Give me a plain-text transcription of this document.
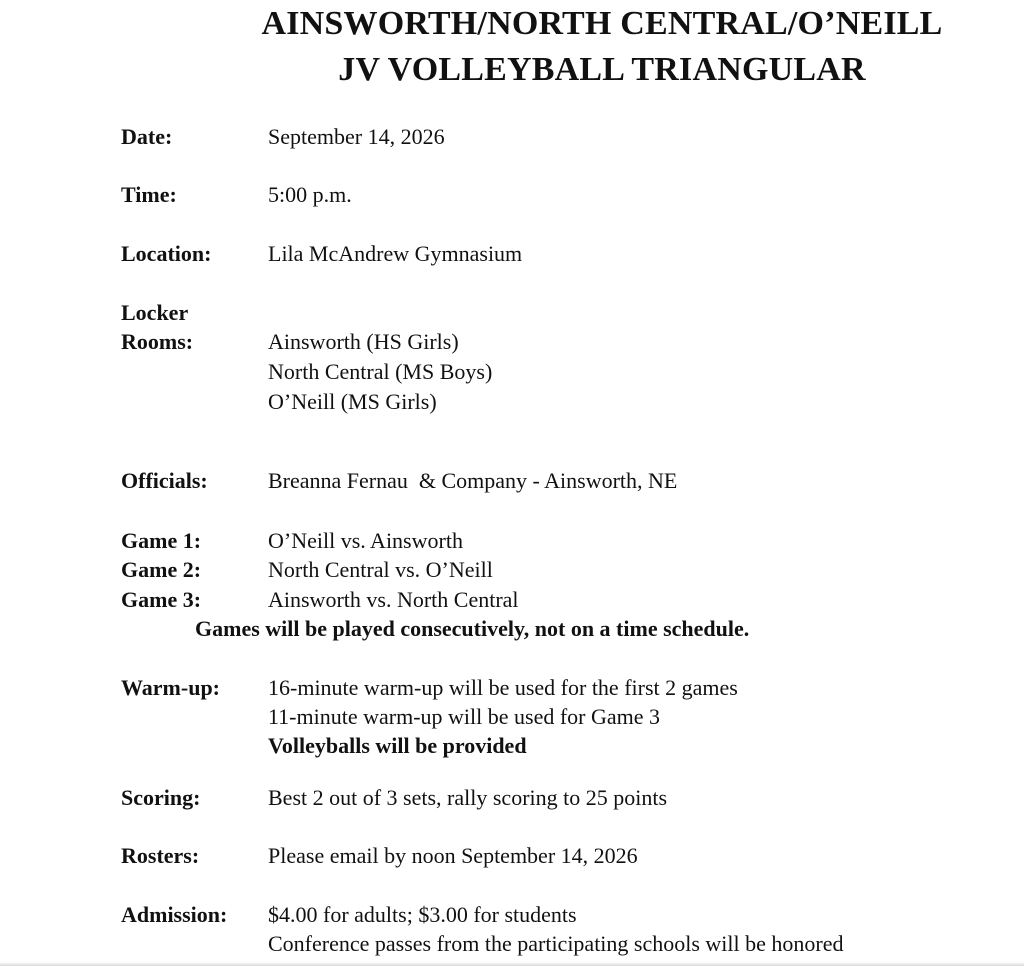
AINSWORTH/NORTH CENTRAL/O’NEILL
JV VOLLEYBALL TRIANGULAR
Date:	September 14, 2026
Time:	5:00 p.m.
Location:	Lila McAndrew Gymnasium
Locker
Rooms:	Ainsworth (HS Girls)
North Central (MS Boys)
O’Neill (MS Girls)
Officials:	Breanna Fernau  & Company - Ainsworth, NE
Game 1:	O’Neill vs. Ainsworth
Game 2:	North Central vs. O’Neill
Game 3:	Ainsworth vs. North Central
Games will be played consecutively, not on a time schedule.
Warm-up: 16-minute warm-up will be used for the first 2 games
11-minute warm-up will be used for Game 3
Volleyballs will be provided
Scoring:	Best 2 out of 3 sets, rally scoring to 25 points
Rosters:	Please email by noon September 14, 2026
Admission: $4.00 for adults; $3.00 for students
Conference passes from the participating schools will be honored
